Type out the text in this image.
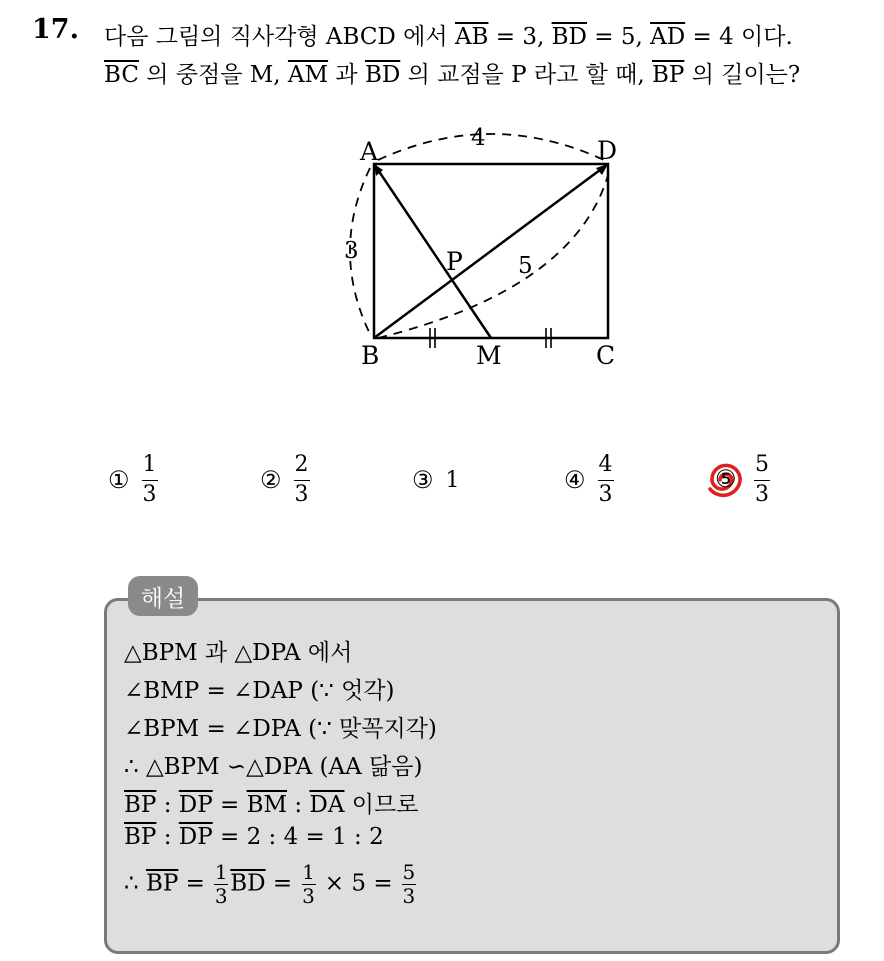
17. 다음 그림의 직사각형 ABCD 에서 $\overline{AB} = 3$, $\overline{BD} = 5$, $\overline{AD} = 4$ 이다.
$\overline{BC}$ 의 중점을 M, $\overline{AM}$ 과 $\overline{BD}$ 의 교점을 P 라고 할 때, $\overline{BP}$ 의 길이는?
A	D
B	C
M
P
4
3
5
① $\frac{1}{3}$	② $\frac{2}{3}$	③ 1	④ $\frac{4}{3}$	⑤ $\frac{5}{3}$
해설
△BPM 과 △DPA 에서
∠BMP = ∠DAP (∵ 엇각)
∠BPM = ∠DPA (∵ 맞꼭지각)
∴ △BPM ∽△DPA (AA 닮음)
$\overline{BP}$ : $\overline{DP} = \overline{BM}$ : $\overline{DA}$ 이므로
$\overline{BP}$ : $\overline{DP} = 2$ : 4 = 1 : 2
∴ $\overline{BP} = \frac{1}{3} \overline{BD} = \frac{1}{3} \times 5 = \frac{5}{3}$
